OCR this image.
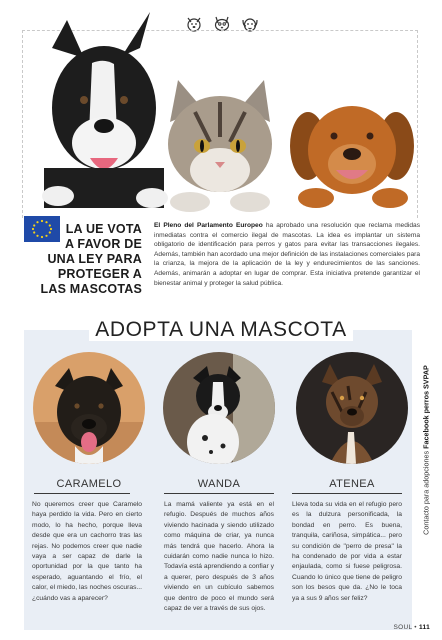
LA UE VOTA
A FAVOR DE
UNA LEY PARA
PROTEGER A
LAS MASCOTAS

El Pleno del Parlamento Europeo ha aprobado una resolución que reclama medidas inmediatas contra el comercio ilegal de mascotas. La idea es implantar un sistema obligatorio de identificación para perros y gatos para evitar las transacciones ilegales. Además, también han acordado una mejor definición de las instalaciones comerciales para la crianza, la mejora de la aplicación de la ley y endurecimientos de las sanciones. Además, animarán a adoptar en lugar de comprar. Esta iniciativa pretende garantizar el bienestar animal y proteger la salud pública.

ADOPTA UNA MASCOTA
Contacto para adopciones Facebook perros SVPAP
CARAMELO	WANDA	ATENEA

No queremos creer que Caramelo haya perdido la vida. Pero en cierto modo, lo ha hecho, porque lleva desde que era un cachorro tras las rejas. No podemos creer que nadie vaya a ser capaz de darle la oportunidad por la que tanto ha esperado, aguantando el frío, el calor, el miedo, las noches oscuras... ¿cuándo vas a aparecer?

La mamá valiente ya está en el refugio. Después de muchos años viviendo hacinada y siendo utilizado como máquina de criar, ya nunca más tendrá que hacerlo. Ahora la cuidarán como nadie nunca lo hizo. Todavía está aprendiendo a confiar y a querer, pero después de 3 años viviendo en un cubículo sabemos que dentro de poco el mundo será capaz de ver a través de sus ojos.

Lleva toda su vida en el refugio pero es la dulzura personificada, la bondad en perro. Es buena, tranquila, cariñosa, simpática... pero su condición de "perro de presa" la ha condenado de por vida a estar enjaulada, como si fuese peligrosa. Cuando lo único que tiene de peligro son los besos que da. ¿No le toca ya a sus 9 años ser feliz?

SOUL • 111
